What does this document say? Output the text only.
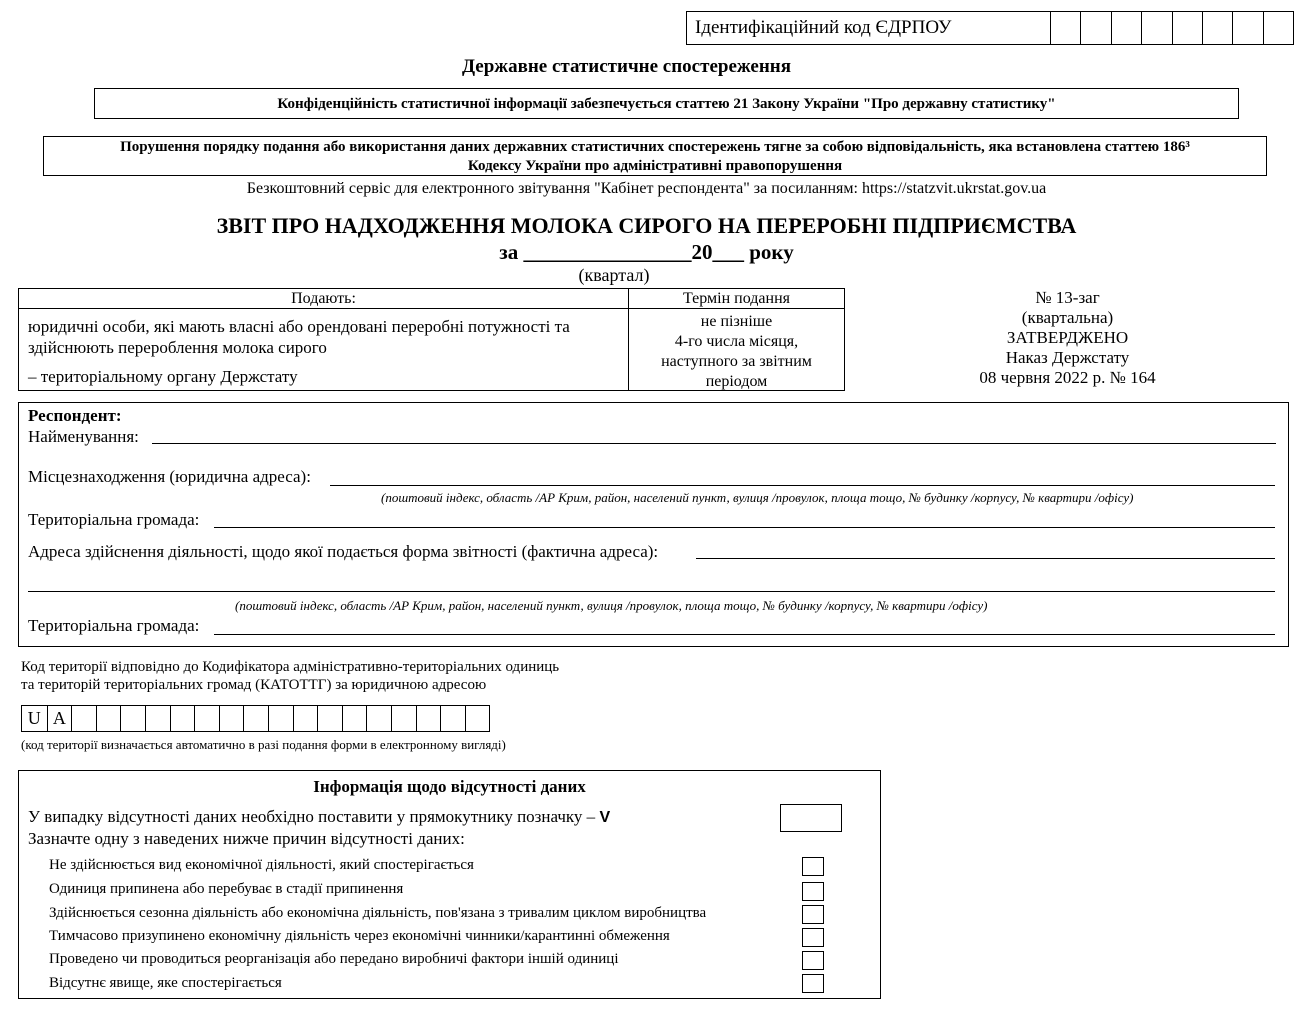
Ідентифікаційний код ЄДРПОУ
Державне статистичне спостереження
Конфіденційність статистичної інформації забезпечується статтею 21 Закону України "Про державну статистику"
Порушення порядку подання або використання даних державних статистичних спостережень тягне за собою відповідальність, яка встановлена статтею 186³
Кодексу України про адміністративні правопорушення
Безкоштовний сервіс для електронного звітування "Кабінет респондента" за посиланням: https://statzvit.ukrstat.gov.ua
ЗВІТ ПРО НАДХОДЖЕННЯ МОЛОКА СИРОГО НА ПЕРЕРОБНІ ПІДПРИЄМСТВА
за ________________20___ року
(квартал)
Подають:	Термін подання
юридичні особи, які мають власні або орендовані переробні потужності та
здійснюють перероблення молока сирого
– територіальному органу Держстату
не пізніше
4-го числа місяця,
наступного за звітним
періодом
№ 13-заг
(квартальна)
ЗАТВЕРДЖЕНО
Наказ Держстату
08 червня 2022 р. № 164
Респондент:
Найменування:
Місцезнаходження (юридична адреса):
(поштовий індекс, область /АР Крим, район, населений пункт, вулиця /провулок, площа тощо, № будинку /корпусу, № квартири /офісу)
Територіальна громада:
Адреса здійснення діяльності, щодо якої подається форма звітності (фактична адреса):
(поштовий індекс, область /АР Крим, район, населений пункт, вулиця /провулок, площа тощо, № будинку /корпусу, № квартири /офісу)
Територіальна громада:
Код території відповідно до Кодифікатора адміністративно-територіальних одиниць
та територій територіальних громад (КАТОТТГ) за юридичною адресою
U A
(код території визначається автоматично в разі подання форми в електронному вигляді)
Інформація щодо відсутності даних
У випадку відсутності даних необхідно поставити у прямокутнику позначку – V
Зазначте одну з наведених нижче причин відсутності даних:
Не здійснюється вид економічної діяльності, який спостерігається
Одиниця припинена або перебуває в стадії припинення
Здійснюється сезонна діяльність або економічна діяльність, пов'язана з тривалим циклом виробництва
Тимчасово призупинено економічну діяльність через економічні чинники/карантинні обмеження
Проведено чи проводиться реорганізація або передано виробничі фактори іншій одиниці
Відсутнє явище, яке спостерігається
